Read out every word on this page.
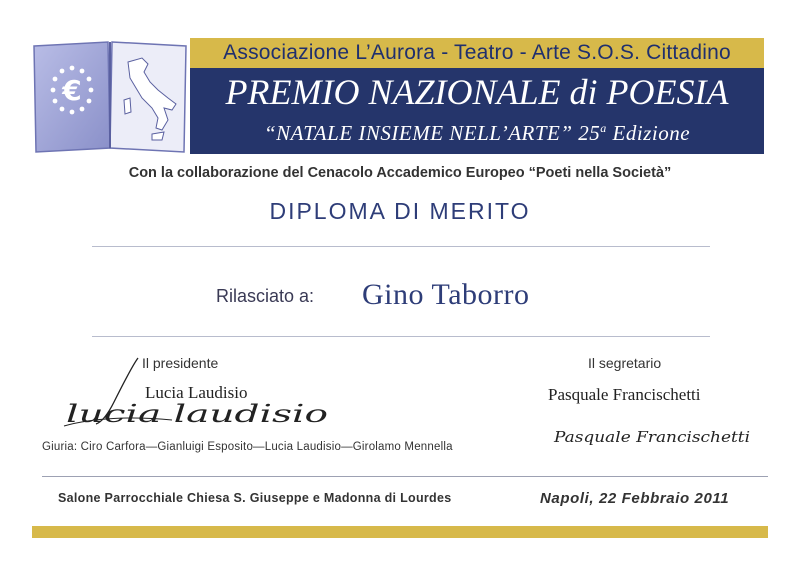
€
Associazione L’Aurora - Teatro - Arte S.O.S. Cittadino
PREMIO NAZIONALE di POESIA
“NATALE INSIEME NELL’ARTE” 25$^a$ Edizione
Con la collaborazione del Cenacolo Accademico Europeo “Poeti nella Società”
DIPLOMA DI MERITO
Rilasciato a: Gino Taborro
Il presidente
Lucia Laudisio
lucia laudisio
Il segretario
Pasquale Francischetti
Pasquale Francischetti
Giuria: Ciro Carfora—Gianluigi Esposito—Lucia Laudisio—Girolamo Mennella
Salone Parrocchiale Chiesa S. Giuseppe e Madonna di Lourdes	Napoli, 22 Febbraio 2011
